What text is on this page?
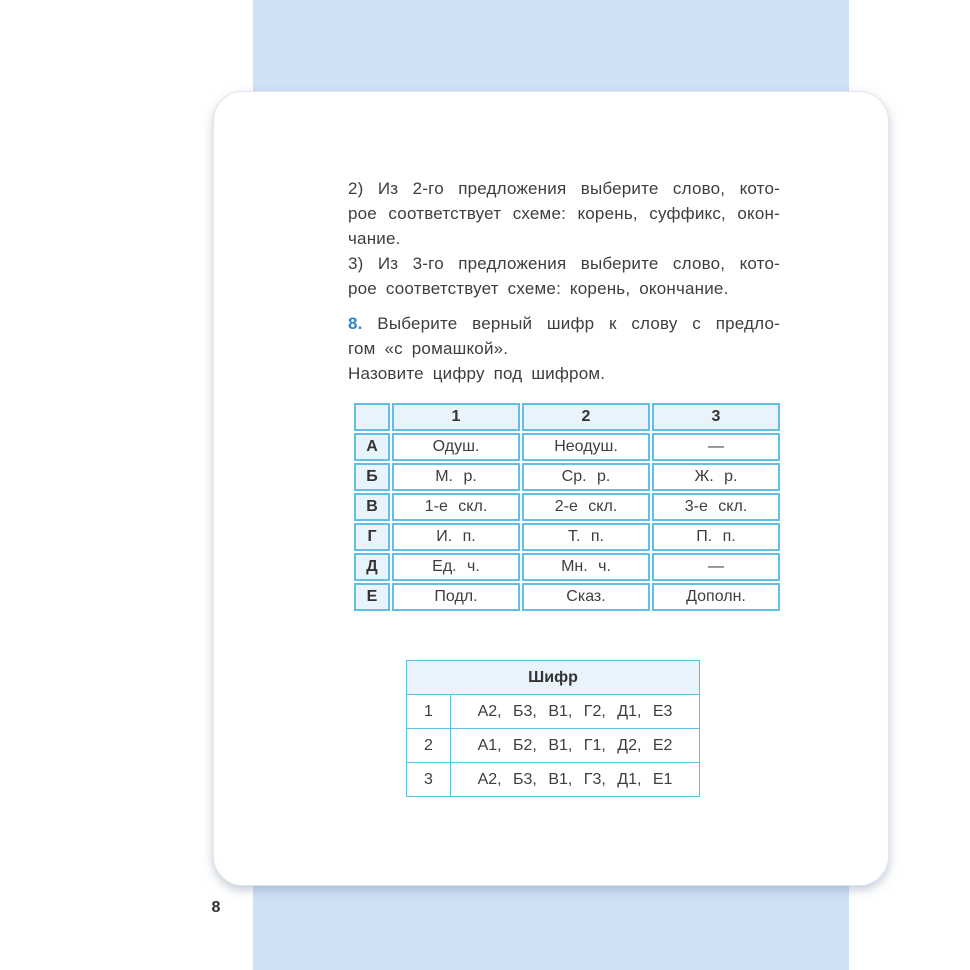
2) Из 2-го предложения выберите слово, кото-
рое соответствует схеме: корень, суффикс, окон-
чание.
3) Из 3-го предложения выберите слово, кото-
рое соответствует схеме: корень, окончание.
8. Выберите верный шифр к слову с предло-
гом «с ромашкой».
Назовите цифру под шифром.
	1	2	3
А	Одуш.	Неодуш.	—
Б	М. р.	Ср. р.	Ж. р.
В	1-е скл.	2-е скл.	3-е скл.
Г	И. п.	Т. п.	П. п.
Д	Ед. ч.	Мн. ч.	—
Е	Подл.	Сказ.	Дополн.
Шифр	
1	А2, Б3, В1, Г2, Д1, Е3
2	А1, Б2, В1, Г1, Д2, Е2
3	А2, Б3, В1, Г3, Д1, Е1
8
